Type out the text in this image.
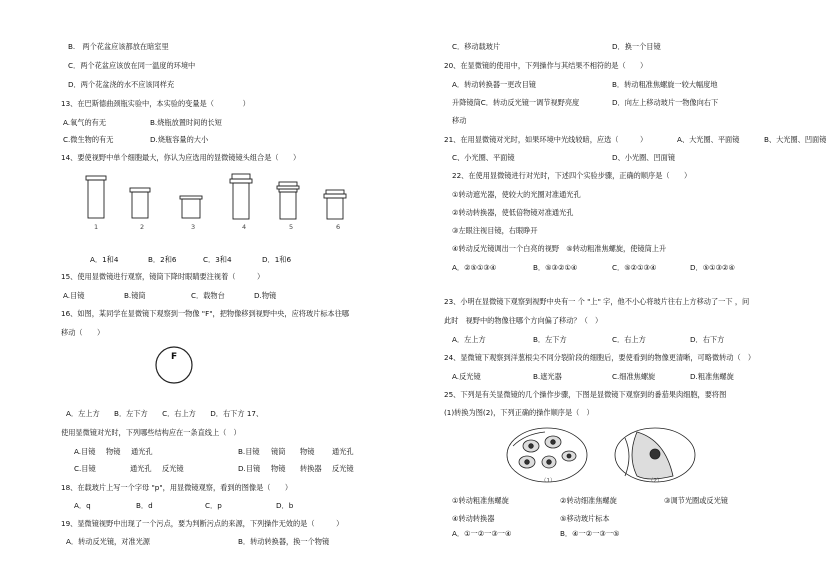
B.　两个花盆应该都放在暗室里
C．两个花盆应该放在同一温度的环境中
D．两个花盆浇的水不应该同样充
13、在巴斯德曲颈瓶实验中，本实验的变量是（　　　　）
A.氧气的有无	B.烧瓶放置时间的长短
C.微生物的有无	D.烧瓶容量的大小
14、要使视野中单个细胞最大，你认为应选用的显微镜镜头组合是（　　）
1	2	3	4	5	6
A．1和4	B．2和6	C．3和4	D．1和6
15、使用显微镜进行观察，镜筒下降时眼睛要注视着（　　　）
A.目镜	B.镜筒	C．载物台	D.物镜
16、如图，某同学在显微镜下观察到一物像 "F"，把物像移到视野中央，应将玻片标本往哪
移动（　　）
F
A．左上方　　B．左下方　　C．右上方　　D．右下方 17、
使用显微镜对光时，下列哪些结构应在一条直线上（　）
A.目镜 物镜 通光孔	B.目镜 镜筒 物镜 通光孔
C.目镜	通光孔 反光镜	D.目镜 物镜 转换器 反光镜
18、在载玻片上写一个字母 "p"，用显微镜观察，看到的图像是（　　）
A．q	B．d	C．p	D．b
19、显微镜视野中出现了一个污点，要为判断污点的来源，下列操作无效的是（　　　）
A．转动反光镜，对准光源	B．转动转换器，换一个物镜
C．移动载玻片	D．换一个目镜
20、在显微镜的使用中，下列操作与其结果不相符的是（　　）
A．转动转换器一更改目镜	B．转动粗准焦螺旋一较大幅度地
升降镜筒C．转动反光镜一调节视野亮度	D．向左上移动玻片一物像向右下
移动
21、在用显微镜对光时，如果环境中光线较暗，应选（　　　）	A、大光圈、平面镜	B、大光圈、凹面镜
C、小光圈、平面镜	D、小光圈、凹面镜
22、在使用显微镜进行对光时，下述四个实验步骤，正确的顺序是（　　）
①转动遮光器，使较大的光圈对准通光孔
②转动转换器，使低倍物镜对准通光孔
③左眼注视目镜，右眼睁开
④转动反光镜调出一个白亮的视野　⑤转动粗准焦螺旋，使镜筒上升
A．②⑤①③④	B．⑤③②①④	C．⑤②①③④	D．⑤①③②④
23、小明在显微镜下观察到视野中央有一 个 "上" 字，他不小心将玻片往右上方移动了一下 ，问
此时　视野中的物像往哪个方向偏了移动？（　）
A．左上方	B．左下方	C．右上方	D．右下方
24、显微镜下观察到洋葱根尖不同分裂阶段的细胞后，要使看到的物像更清晰，可略微转动（　）
A.反光镜	B.遮光器	C.细准焦螺旋	D.粗准焦螺旋
25、下列是有关显微镜的几个操作步骤，下图是显微镜下观察到的番茄果肉细胞，要将图
(1)转换为图(2)，下列正确的操作顺序是（　）
（1）	（2）
①转动粗准焦螺旋	②转动细准焦螺旋	③调节光圈或反光镜
④转动转换器	⑤移动玻片标本
A．①一②一③一④	B．④一②一③一⑤
